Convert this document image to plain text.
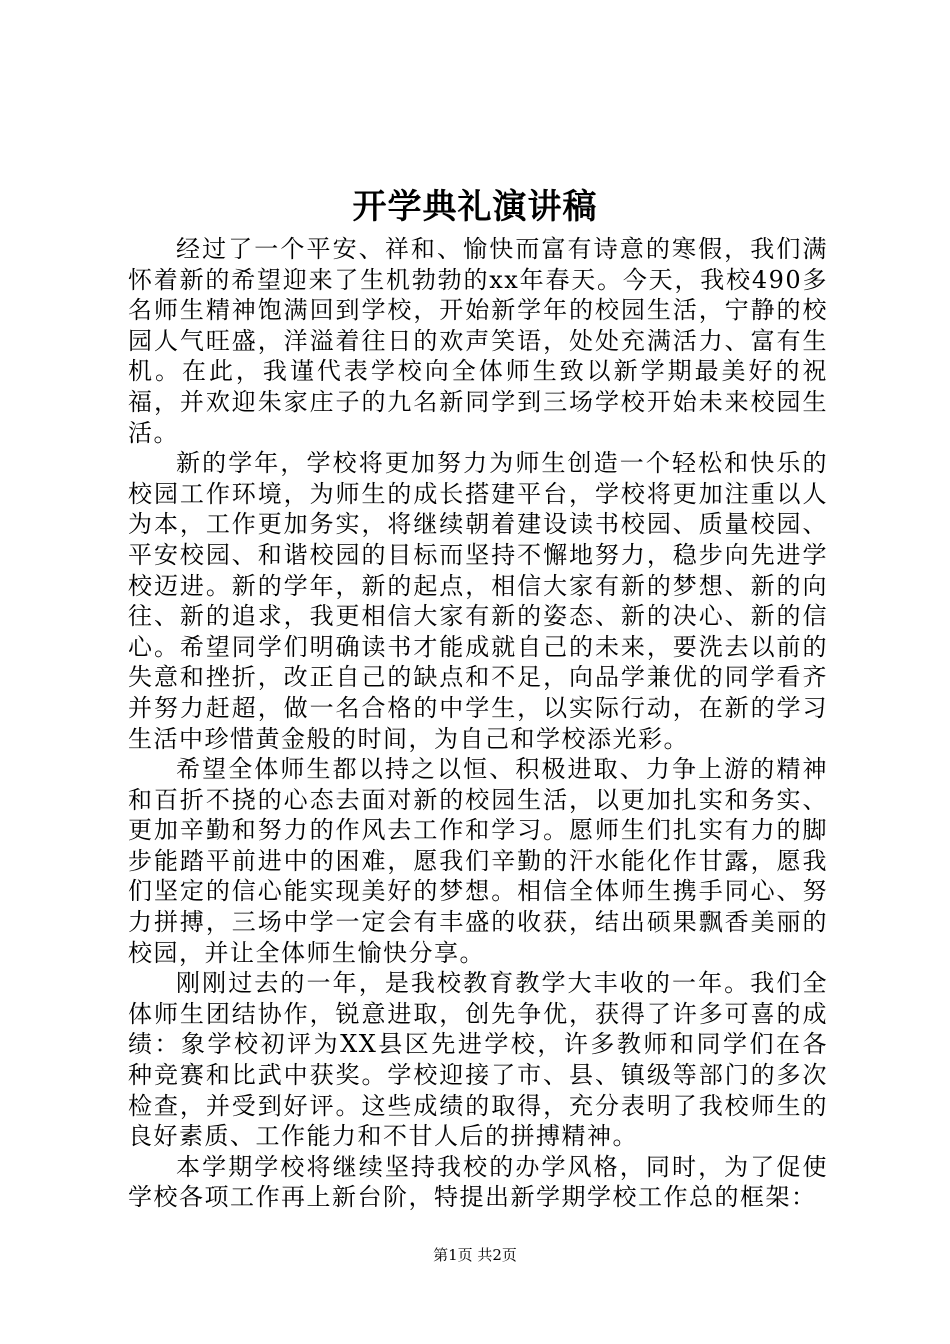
开学典礼演讲稿

经过了一个平安、祥和、愉快而富有诗意的寒假，我们满怀着新的希望迎来了生机勃勃的xx年春天。今天，我校490多名师生精神饱满回到学校，开始新学年的校园生活，宁静的校园人气旺盛，洋溢着往日的欢声笑语，处处充满活力、富有生机。在此，我谨代表学校向全体师生致以新学期最美好的祝福，并欢迎朱家庄子的九名新同学到三场学校开始未来校园生活。

新的学年，学校将更加努力为师生创造一个轻松和快乐的校园工作环境，为师生的成长搭建平台，学校将更加注重以人为本，工作更加务实，将继续朝着建设读书校园、质量校园、平安校园、和谐校园的目标而坚持不懈地努力，稳步向先进学校迈进。新的学年，新的起点，相信大家有新的梦想、新的向往、新的追求，我更相信大家有新的姿态、新的决心、新的信心。希望同学们明确读书才能成就自己的未来，要洗去以前的失意和挫折，改正自己的缺点和不足，向品学兼优的同学看齐并努力赶超，做一名合格的中学生，以实际行动，在新的学习生活中珍惜黄金般的时间，为自己和学校添光彩。

希望全体师生都以持之以恒、积极进取、力争上游的精神和百折不挠的心态去面对新的校园生活，以更加扎实和务实、更加辛勤和努力的作风去工作和学习。愿师生们扎实有力的脚步能踏平前进中的困难，愿我们辛勤的汗水能化作甘露，愿我们坚定的信心能实现美好的梦想。相信全体师生携手同心、努力拼搏，三场中学一定会有丰盛的收获，结出硕果飘香美丽的校园，并让全体师生愉快分享。

刚刚过去的一年，是我校教育教学大丰收的一年。我们全体师生团结协作，锐意进取，创先争优，获得了许多可喜的成绩：象学校初评为XX县区先进学校，许多教师和同学们在各种竞赛和比武中获奖。学校迎接了市、县、镇级等部门的多次检查，并受到好评。这些成绩的取得，充分表明了我校师生的良好素质、工作能力和不甘人后的拼搏精神。

本学期学校将继续坚持我校的办学风格，同时，为了促使学校各项工作再上新台阶，特提出新学期学校工作总的框架：

第1页 共2页
